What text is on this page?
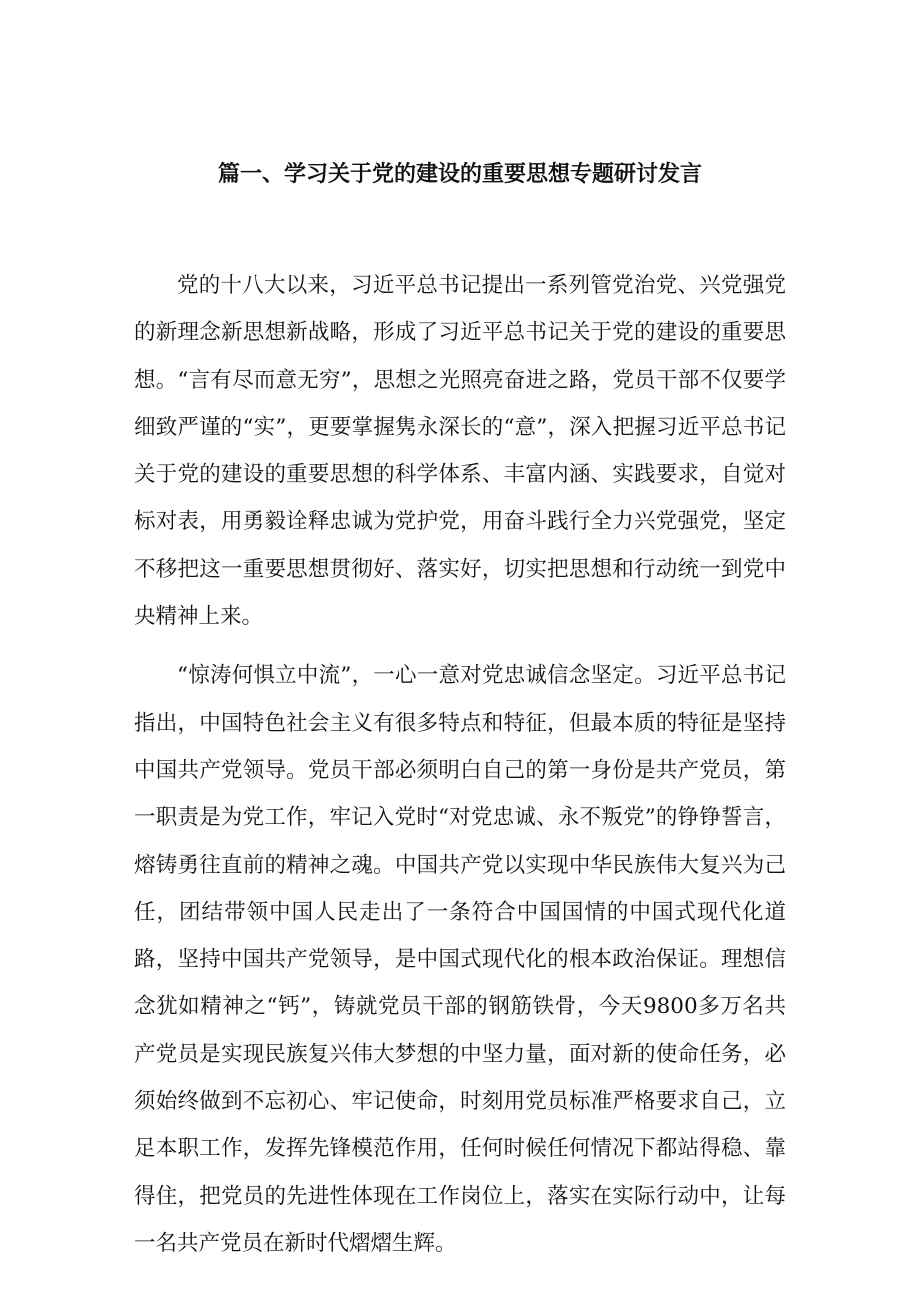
篇一、学习关于党的建设的重要思想专题研讨发言

党的十八大以来，习近平总书记提出一系列管党治党、兴党强党的新理念新思想新战略，形成了习近平总书记关于党的建设的重要思想。“言有尽而意无穷”，思想之光照亮奋进之路，党员干部不仅要学细致严谨的“实”，更要掌握隽永深长的“意”，深入把握习近平总书记关于党的建设的重要思想的科学体系、丰富内涵、实践要求，自觉对标对表，用勇毅诠释忠诚为党护党，用奋斗践行全力兴党强党，坚定不移把这一重要思想贯彻好、落实好，切实把思想和行动统一到党中央精神上来。

“惊涛何惧立中流”，一心一意对党忠诚信念坚定。习近平总书记指出，中国特色社会主义有很多特点和特征，但最本质的特征是坚持中国共产党领导。党员干部必须明白自己的第一身份是共产党员，第一职责是为党工作，牢记入党时“对党忠诚、永不叛党”的铮铮誓言，熔铸勇往直前的精神之魂。中国共产党以实现中华民族伟大复兴为己任，团结带领中国人民走出了一条符合中国国情的中国式现代化道路，坚持中国共产党领导，是中国式现代化的根本政治保证。理想信念犹如精神之“钙”，铸就党员干部的钢筋铁骨，今天9800多万名共产党员是实现民族复兴伟大梦想的中坚力量，面对新的使命任务，必须始终做到不忘初心、牢记使命，时刻用党员标准严格要求自己，立足本职工作，发挥先锋模范作用，任何时候任何情况下都站得稳、靠得住，把党员的先进性体现在工作岗位上，落实在实际行动中，让每一名共产党员在新时代熠熠生辉。
